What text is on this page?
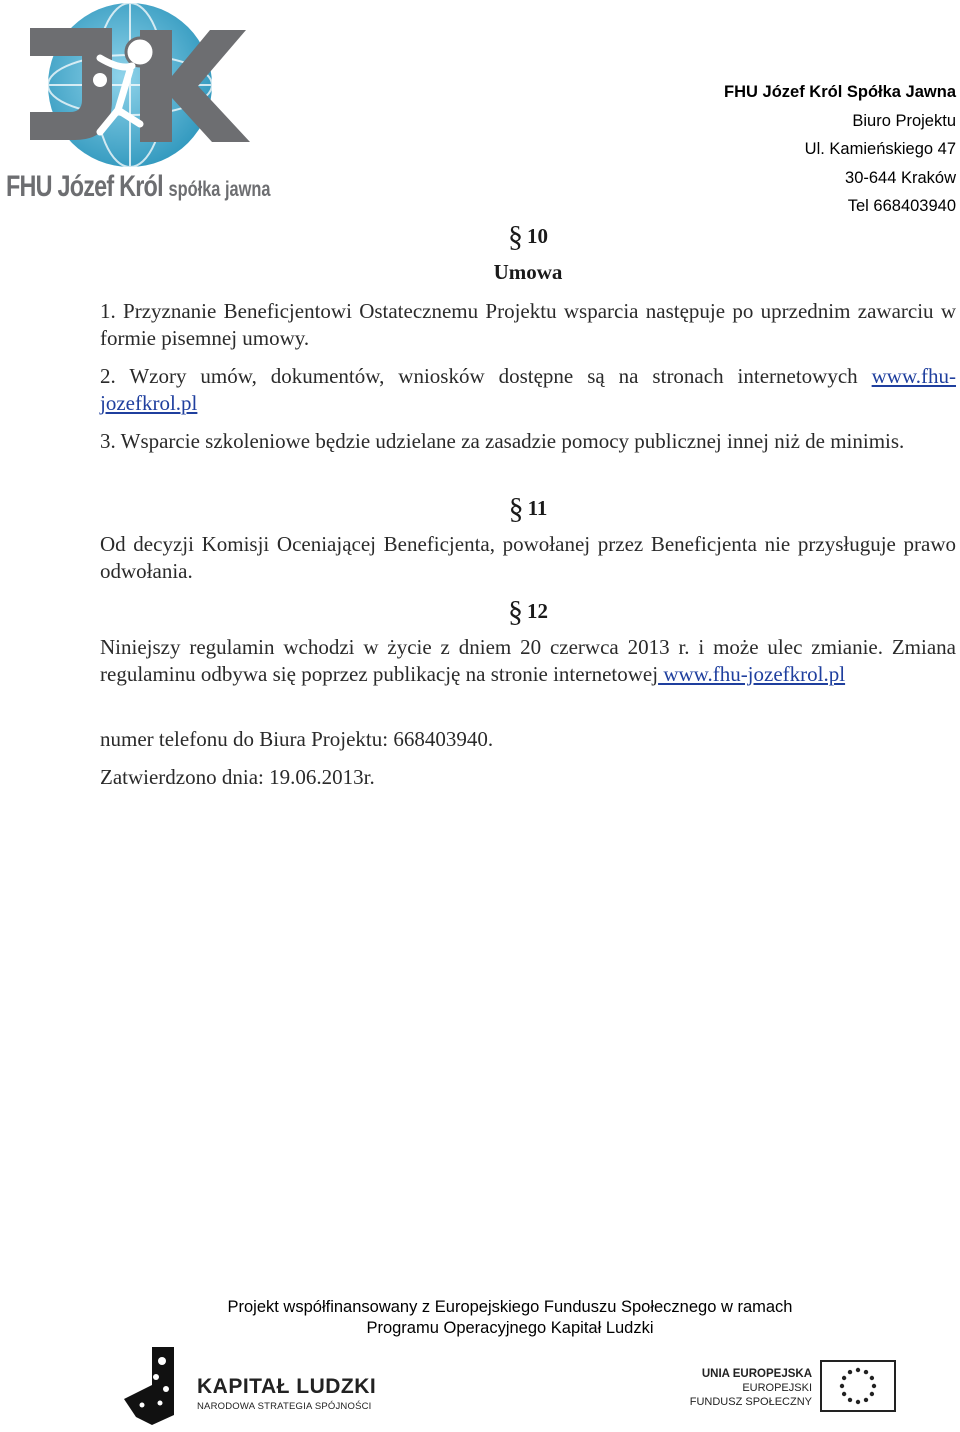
FHU Józef Król spółka jawna
FHU Józef Król Spółka Jawna
Biuro Projektu
Ul. Kamieńskiego 47
30-644 Kraków
Tel 668403940
§ 10
Umowa
1. Przyznanie Beneficjentowi Ostatecznemu Projektu wsparcia następuje po uprzednim zawarciu w formie pisemnej umowy.
2. Wzory umów, dokumentów, wniosków dostępne są na stronach internetowych www.fhu-jozefkrol.pl
3. Wsparcie szkoleniowe będzie udzielane za zasadzie pomocy publicznej innej niż de minimis.
§ 11
Od decyzji Komisji Oceniającej Beneficjenta, powołanej przez Beneficjenta nie przysługuje prawo odwołania.
§ 12
Niniejszy regulamin wchodzi w życie z dniem 20 czerwca 2013 r. i może ulec zmianie. Zmiana regulaminu odbywa się poprzez publikację na stronie internetowej www.fhu-jozefkrol.pl
numer telefonu do Biura Projektu: 668403940.
Zatwierdzono dnia: 19.06.2013r.
Projekt współfinansowany z Europejskiego Funduszu Społecznego w ramach
Programu Operacyjnego Kapitał Ludzki
KAPITAŁ LUDZKI
NARODOWA STRATEGIA SPÓJNOŚCI
UNIA EUROPEJSKA
EUROPEJSKI
FUNDUSZ SPOŁECZNY
